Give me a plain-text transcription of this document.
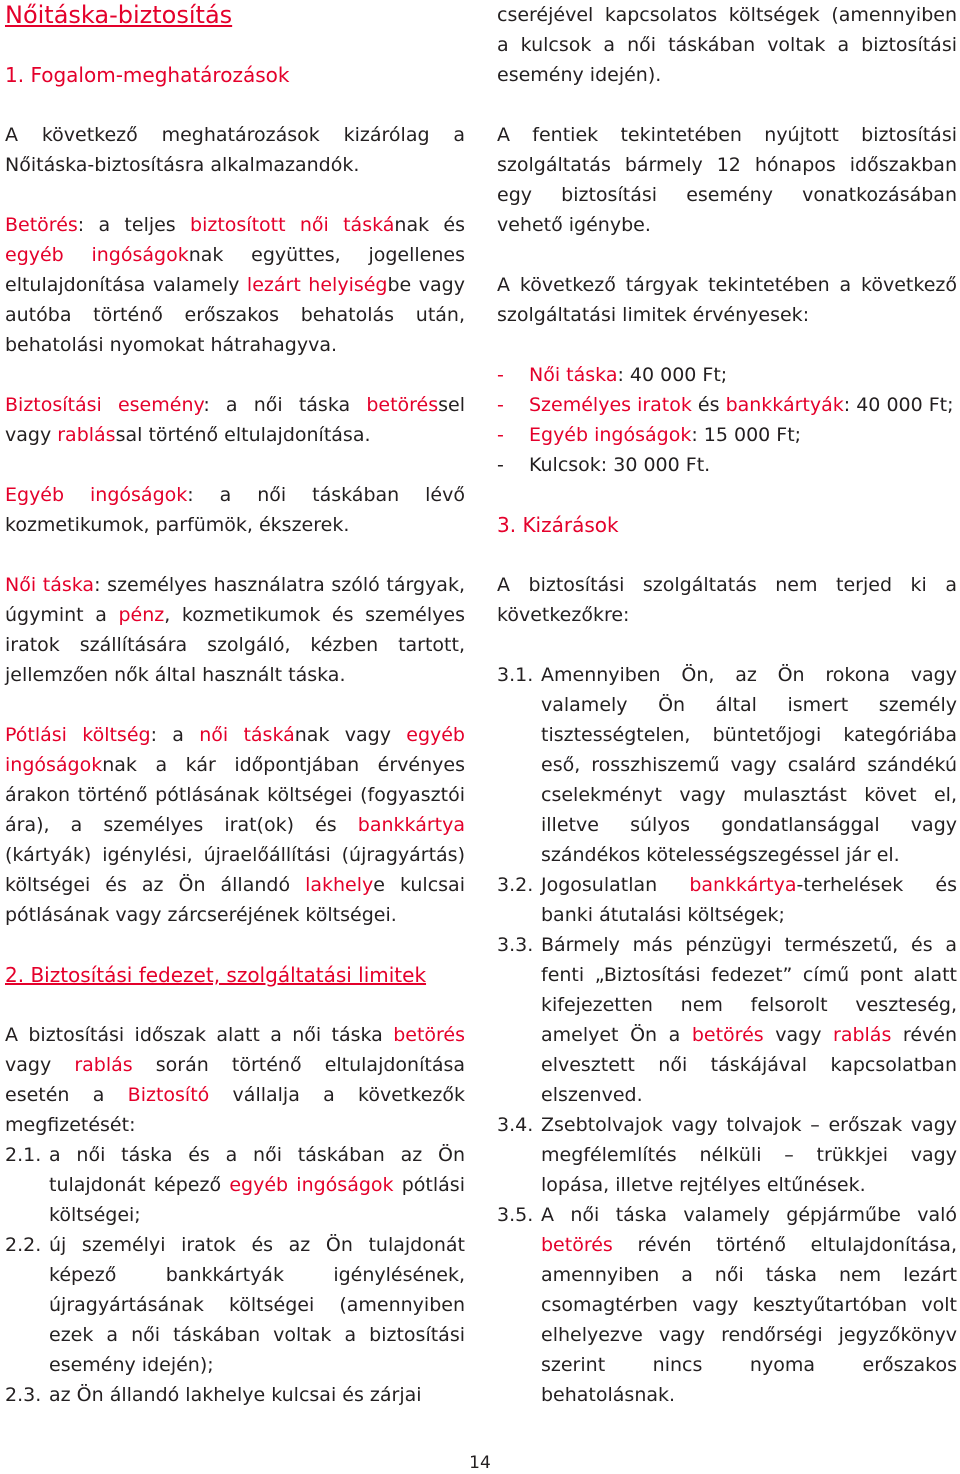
Nőitáska-biztosítás
1. Fogalom-meghatározások

A következő meghatározások kizárólag a Nőitáska-biztosításra alkalmazandók.

Betörés: a teljes biztosított női táskának és egyéb ingóságoknak együttes, jogellenes eltulajdonítása valamely lezárt helyiségbe vagy autóba történő erőszakos behatolás után, behatolási nyomokat hátrahagyva.

Biztosítási esemény: a női táska betöréssel vagy rablással történő eltulajdonítása.

Egyéb ingóságok: a női táskában lévő kozmetikumok, parfümök, ékszerek.

Női táska: személyes használatra szóló tárgyak, úgymint a pénz, kozmetikumok és személyes iratok szállítására szolgáló, kézben tartott, jellemzően nők által használt táska.

Pótlási költség: a női táskának vagy egyéb ingóságoknak a kár időpontjában érvényes árakon történő pótlásának költségei (fogyasztói ára), a személyes irat(ok) és bankkártya (kártyák) igénylési, újraelőállítási (újragyártás) költségei és az Ön állandó lakhelye kulcsai pótlásának vagy zárcseréjének költségei.

2. Biztosítási fedezet, szolgáltatási limitek

A biztosítási időszak alatt a női táska betörés vagy rablás során történő eltulajdonítása esetén a Biztosító vállalja a következők megfizetését:

2.1. a női táska és a női táskában az Ön tulajdonát képező egyéb ingóságok pótlási költségei;
2.2. új személyi iratok és az Ön tulajdonát képező bankkártyák igénylésének, újragyártásának költségei (amennyiben ezek a női táskában voltak a biztosítási esemény idején);
2.3. az Ön állandó lakhelye kulcsai és zárjai
cseréjével kapcsolatos költségek (amennyiben a kulcsok a női táskában voltak a biztosítási esemény idején).

A fentiek tekintetében nyújtott biztosítási szolgáltatás bármely 12 hónapos időszakban egy biztosítási esemény vonatkozásában vehető igénybe.

A következő tárgyak tekintetében a következő szolgáltatási limitek érvényesek:

-	Női táska: 40 000 Ft;
-	Személyes iratok és bankkártyák: 40 000 Ft;
-	Egyéb ingóságok: 15 000 Ft;
-	Kulcsok: 30 000 Ft.
3. Kizárások

A biztosítási szolgáltatás nem terjed ki a következőkre:

3.1. Amennyiben Ön, az Ön rokona vagy valamely Ön által ismert személy tisztességtelen, büntetőjogi kategóriába eső, rosszhiszemű vagy csalárd szándékú cselekményt vagy mulasztást követ el, illetve súlyos gondatlansággal vagy szándékos kötelességszegéssel jár el.
3.2. Jogosulatlan bankkártya-terhelések és banki átutalási költségek;
3.3. Bármely más pénzügyi természetű, és a fenti „Biztosítási fedezet” című pont alatt kifejezetten nem felsorolt veszteség, amelyet Ön a betörés vagy rablás révén elvesztett női táskájával kapcsolatban elszenved.
3.4. Zsebtolvajok vagy tolvajok – erőszak vagy megfélemlítés nélküli – trükkjei vagy lopása, illetve rejtélyes eltűnések.
3.5. A női táska valamely gépjárműbe való betörés révén történő eltulajdonítása, amennyiben a női táska nem lezárt csomagtérben vagy kesztyűtartóban volt elhelyezve vagy rendőrségi jegyzőkönyv szerint nincs nyoma erőszakos behatolásnak.
14
